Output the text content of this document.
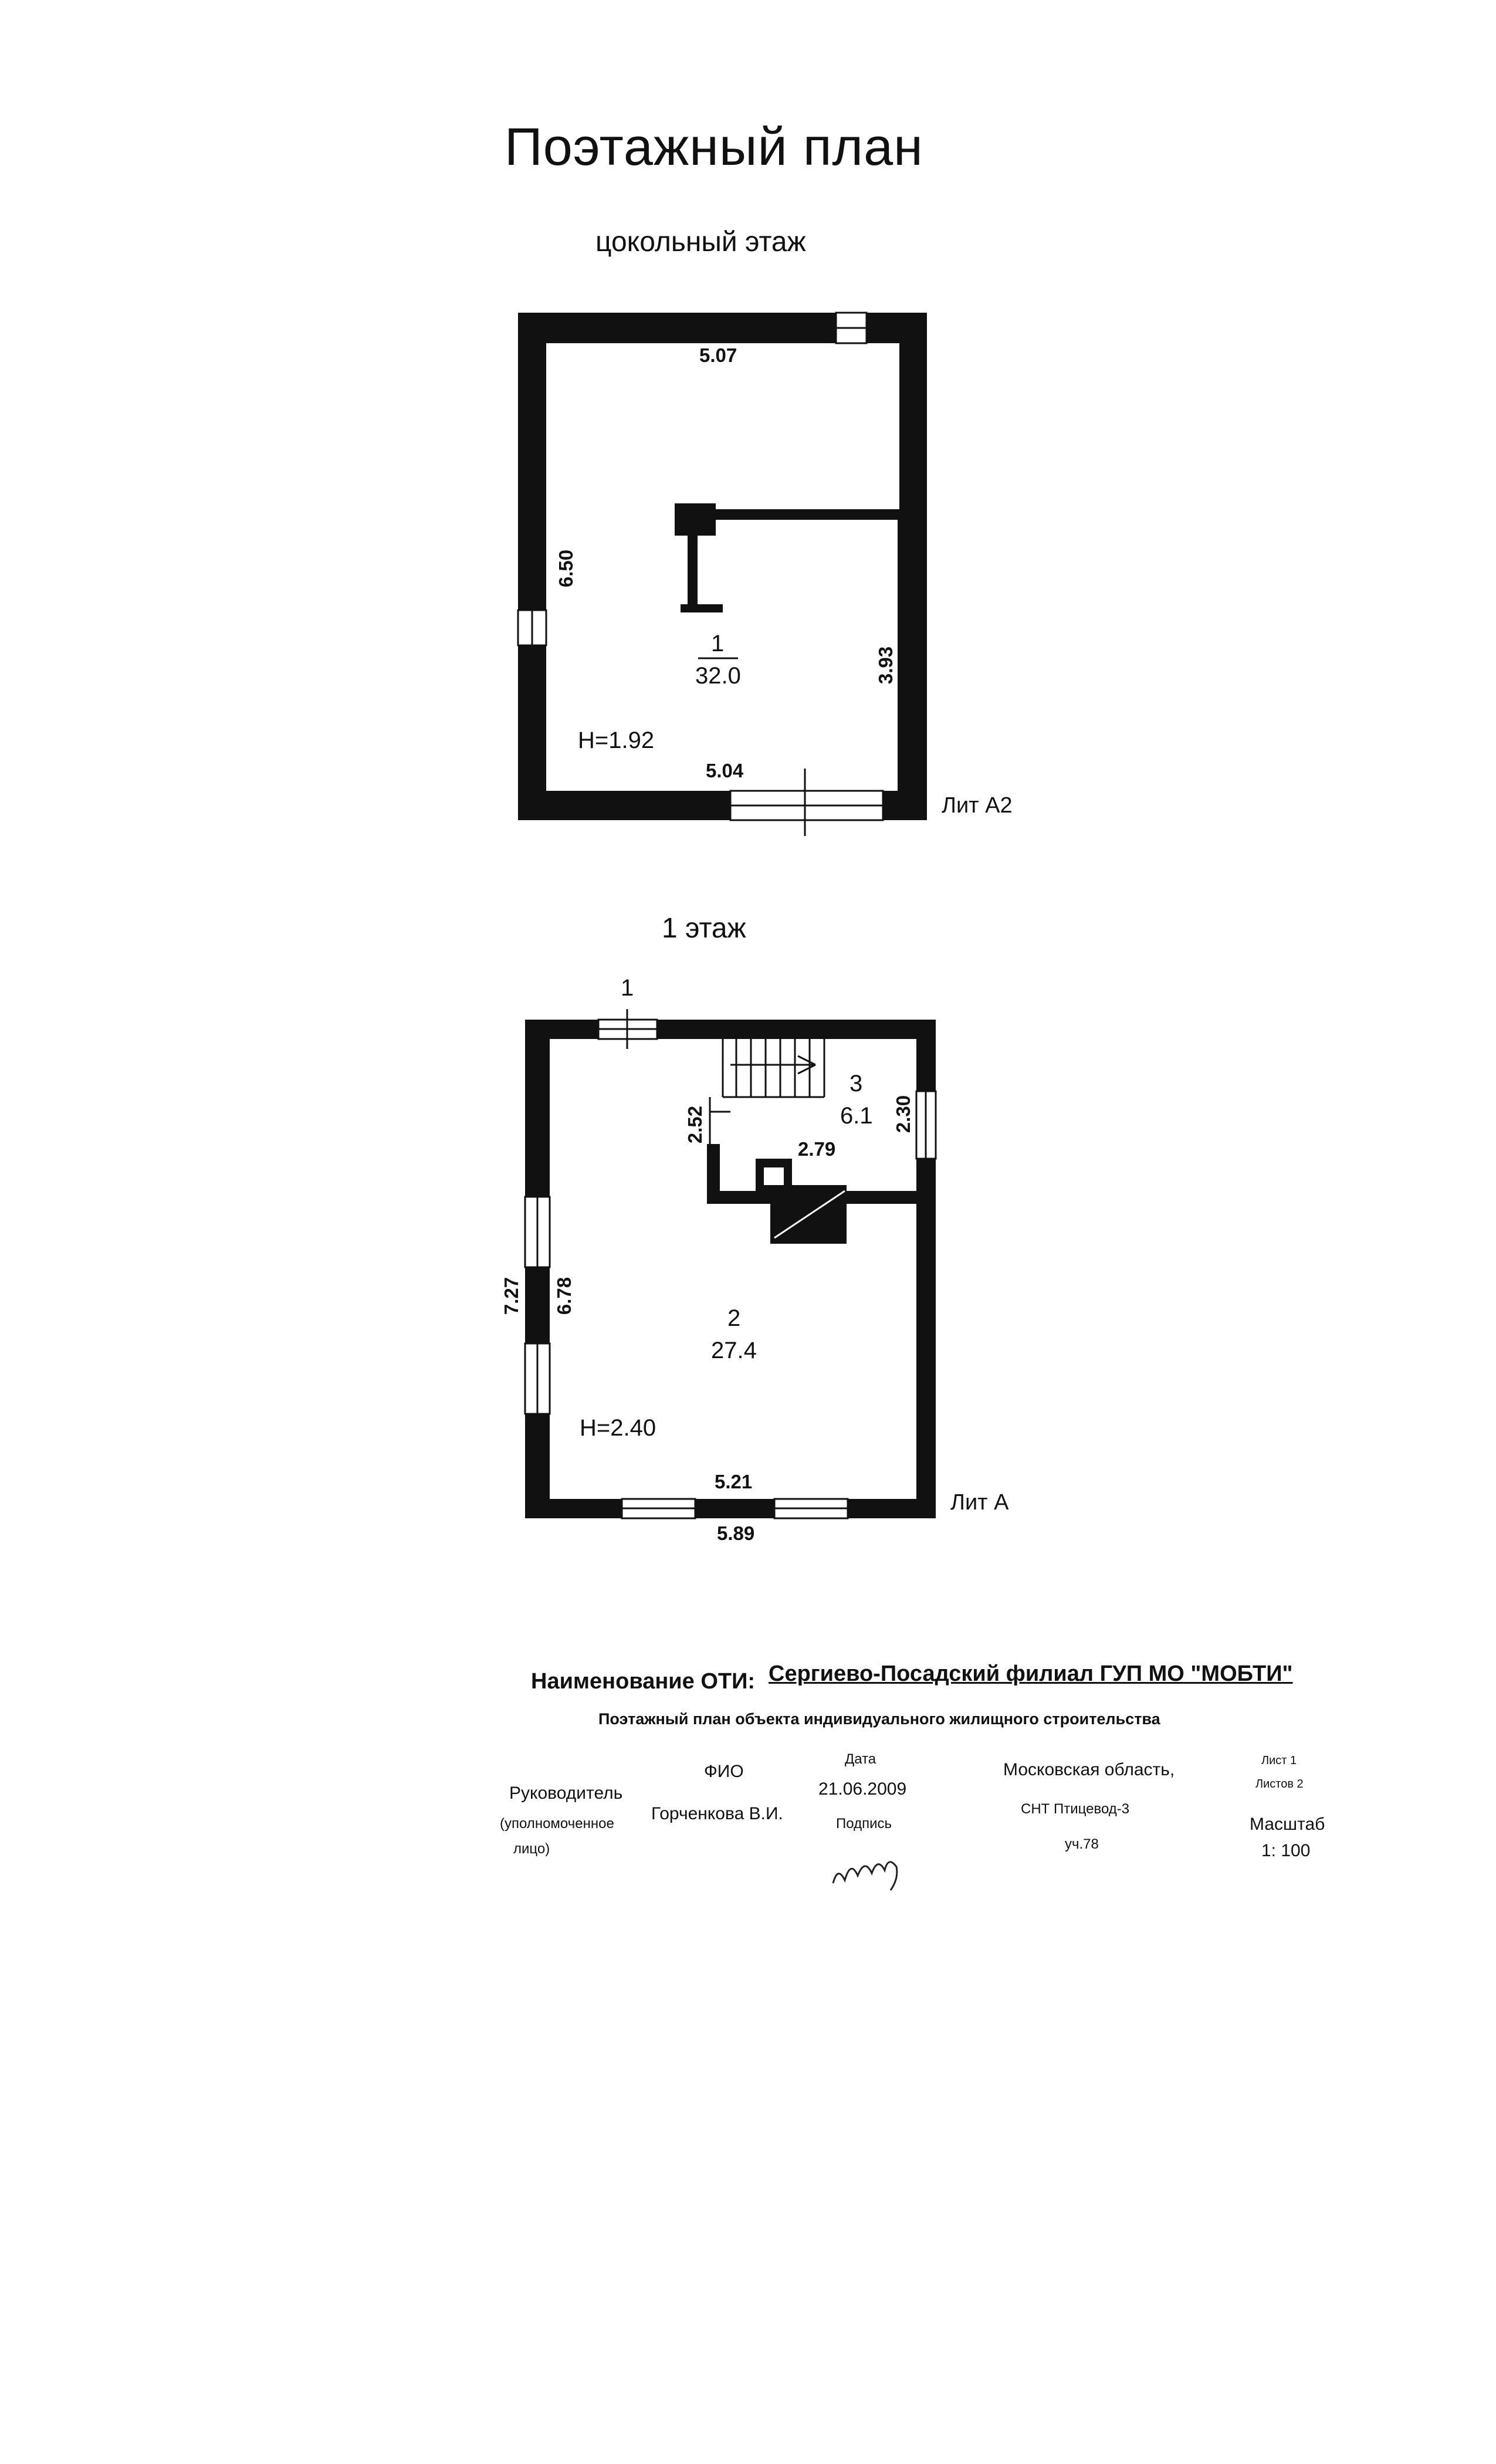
Поэтажный план
цокольный этаж
5.07
6.50
3.93
5.04
1
32.0
H=1.92
Лит А2
1 этаж
1
2.52	2.30
2.79
3
6.1
7.27 6.78
2
27.4
H=2.40
5.21
5.89
Лит А
Наименование ОТИ: Сергиево-Посадский филиал ГУП МО "МОБТИ"
Поэтажный план объекта индивидуального жилищного строительства
ФИО
Горченкова В.И.
Руководитель
(уполномоченное
лицо)
Дата
21.06.2009
Подпись
Московская область,
СНТ Птицевод-3
уч.78
Лист 1
Листов 2
Масштаб
1: 100
